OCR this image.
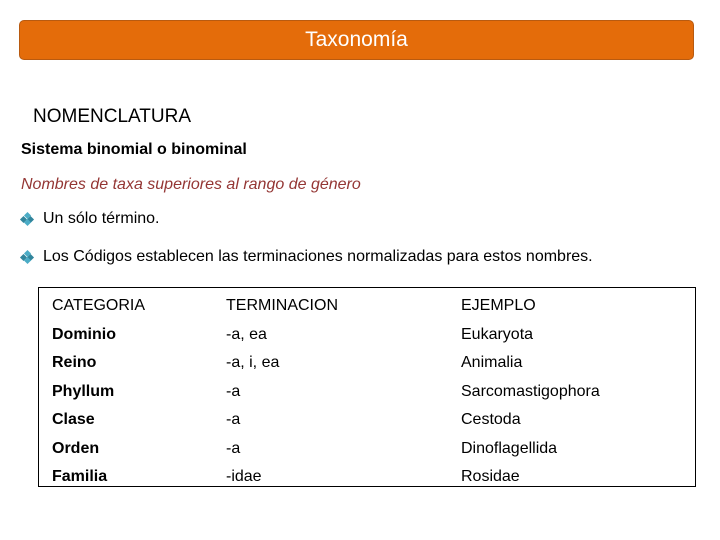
Taxonomía
NOMENCLATURA
Sistema binomial o binominal
Nombres de taxa superiores al rango de género
Un sólo término.
Los Códigos establecen las terminaciones normalizadas para estos nombres.
CATEGORIA
Dominio
Reino
Phyllum
Clase
Orden
Familia
TERMINACION
-a, ea
-a, i, ea
-a
-a
-a
-idae
EJEMPLO
Eukaryota
Animalia
Sarcomastigophora
Cestoda
Dinoflagellida
Rosidae
